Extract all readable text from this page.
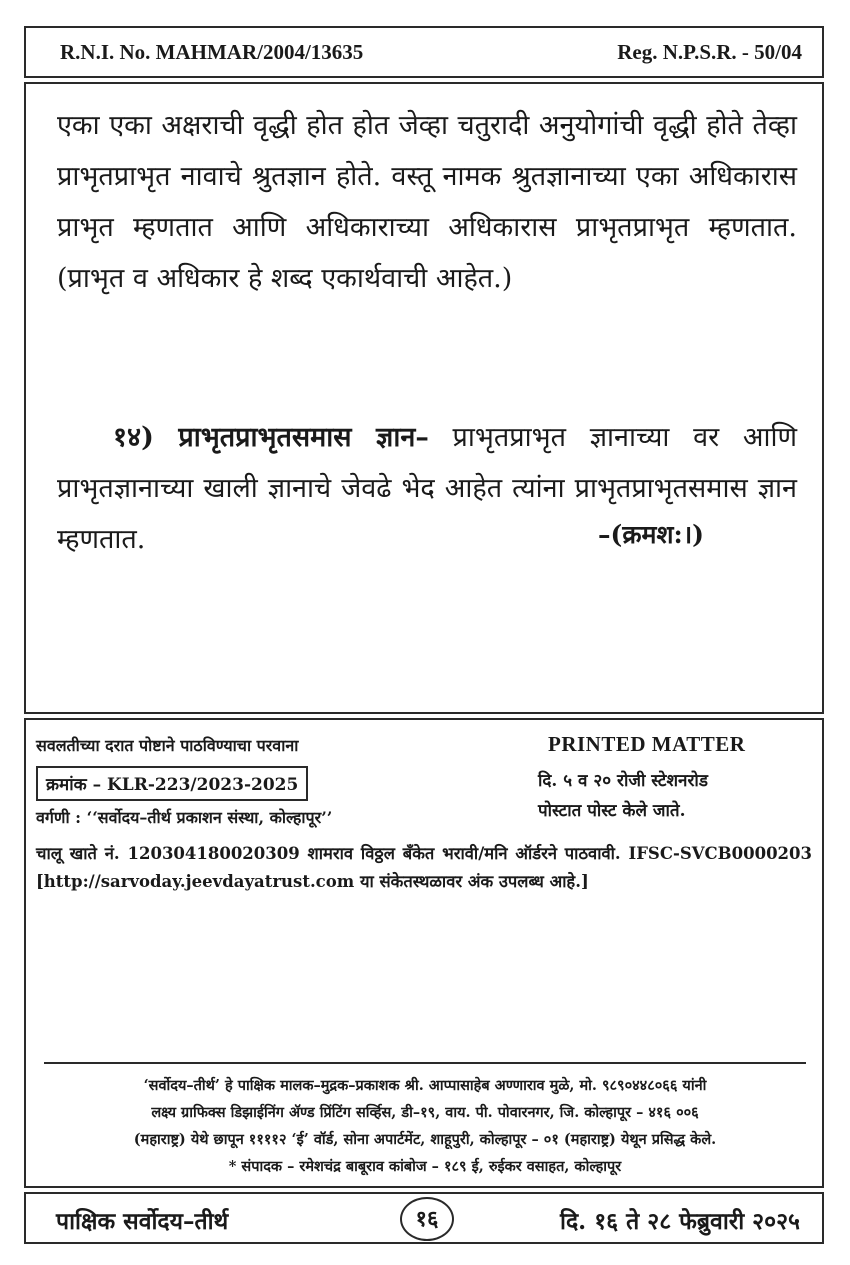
R.N.I. No. MAHMAR/2004/13635	Reg. N.P.S.R. - 50/04

एका एका अक्षराची वृद्धी होत होत जेव्हा चतुरादी अनुयोगांची वृद्धी होते तेव्हा प्राभृतप्राभृत नावाचे श्रुतज्ञान होते. वस्तू नामक श्रुतज्ञानाच्या एका अधिकारास प्राभृत म्हणतात आणि अधिकाराच्या अधिकारास प्राभृतप्राभृत म्हणतात. (प्राभृत व अधिकार हे शब्द एकार्थवाची आहेत.)

१४) प्राभृतप्राभृतसमास ज्ञान– प्राभृतप्राभृत ज्ञानाच्या वर आणि प्राभृतज्ञानाच्या खाली ज्ञानाचे जेवढे भेद आहेत त्यांना प्राभृतप्राभृतसमास ज्ञान म्हणतात.	–(क्रमश:।)
सवलतीच्या दरात पोष्टाने पाठविण्याचा परवाना
क्रमांक – KLR-223/2023-2025
वर्गणी : ‘‘सर्वोदय–तीर्थ प्रकाशन संस्था, कोल्हापूर’’
PRINTED MATTER
दि. ५ व २० रोजी स्टेशनरोड
पोस्टात पोस्ट केले जाते.

चालू खाते नं. 120304180020309 शामराव विठ्ठल बँकेत भरावी/मनि ऑर्डरने पाठवावी. IFSC-SVCB0000203 [http://sarvoday.jeevdayatrust.com या संकेतस्थळावर अंक उपलब्ध आहे.]

‘सर्वोदय–तीर्थ’ हे पाक्षिक मालक–मुद्रक–प्रकाशक श्री. आप्पासाहेब अण्णाराव मुळे, मो. ९८९०४४८०६६ यांनी
लक्ष्य ग्राफिक्स डिझाईनिंग ॲण्ड प्रिंटिंग सर्व्हिस, डी–१९, वाय. पी. पोवारनगर, जि. कोल्हापूर – ४१६ ००६
(महाराष्ट्र) येथे छापून ११११२ ‘ई’ वॉर्ड, सोना अपार्टमेंट, शाहूपुरी, कोल्हापूर – ०१ (महाराष्ट्र) येथून प्रसिद्ध केले.
* संपादक – रमेशचंद्र बाबूराव कांबोज – १८९ ई, रुईकर वसाहत, कोल्हापूर
पाक्षिक सर्वोदय–तीर्थ	१६	दि. १६ ते २८ फेब्रुवारी २०२५
